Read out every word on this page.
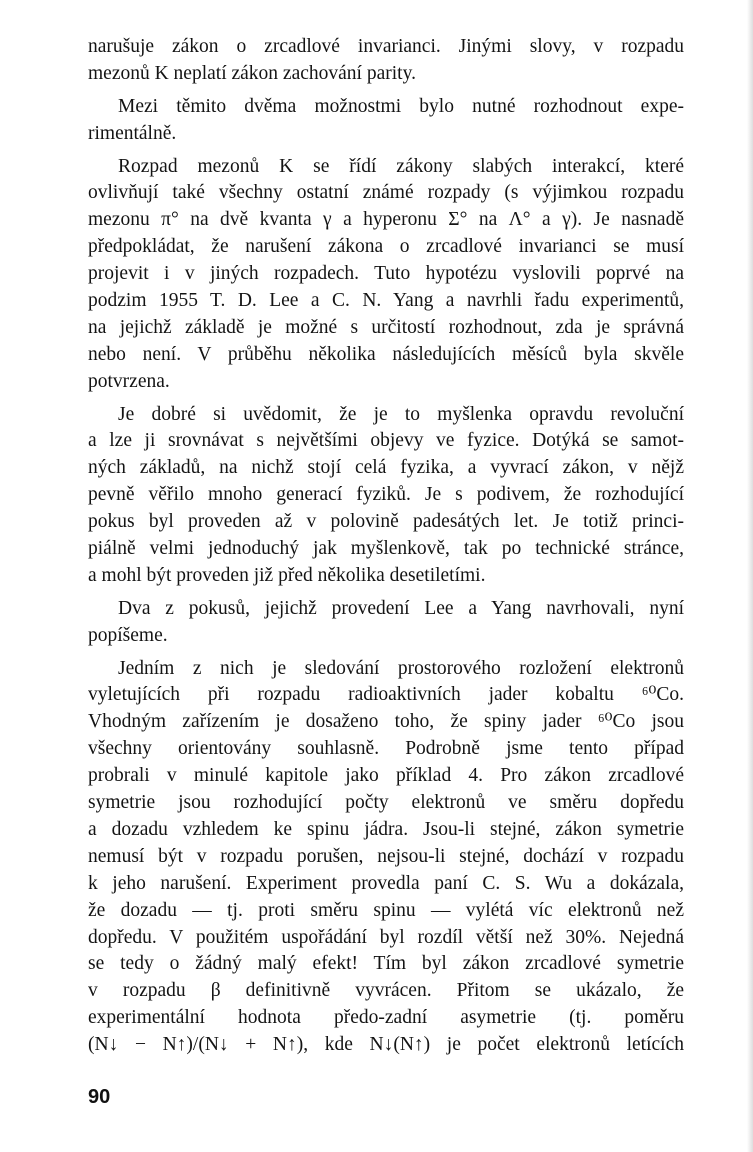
narušuje zákon o zrcadlové invarianci. Jinými slovy, v rozpadu
mezonů K neplatí zákon zachování parity.
Mezi těmito dvěma možnostmi bylo nutné rozhodnout expe-
rimentálně.
Rozpad mezonů K se řídí zákony slabých interakcí, které
ovlivňují také všechny ostatní známé rozpady (s výjimkou rozpadu
mezonu π° na dvě kvanta γ a hyperonu Σ° na Λ° a γ). Je nasnadě
předpokládat, že narušení zákona o zrcadlové invarianci se musí
projevit i v jiných rozpadech. Tuto hypotézu vyslovili poprvé na
podzim 1955 T. D. Lee a C. N. Yang a navrhli řadu experimentů,
na jejichž základě je možné s určitostí rozhodnout, zda je správná
nebo není. V průběhu několika následujících měsíců byla skvěle
potvrzena.
Je dobré si uvědomit, že je to myšlenka opravdu revoluční
a lze ji srovnávat s největšími objevy ve fyzice. Dotýká se samot-
ných základů, na nichž stojí celá fyzika, a vyvrací zákon, v nějž
pevně věřilo mnoho generací fyziků. Je s podivem, že rozhodující
pokus byl proveden až v polovině padesátých let. Je totiž princi-
piálně velmi jednoduchý jak myšlenkově, tak po technické stránce,
a mohl být proveden již před několika desetiletími.
Dva z pokusů, jejichž provedení Lee a Yang navrhovali, nyní
popíšeme.
Jedním z nich je sledování prostorového rozložení elektronů
vyletujících při rozpadu radioaktivních jader kobaltu ⁶⁰Co.
Vhodným zařízením je dosaženo toho, že spiny jader ⁶⁰Co jsou
všechny orientovány souhlasně. Podrobně jsme tento případ
probrali v minulé kapitole jako příklad 4. Pro zákon zrcadlové
symetrie jsou rozhodující počty elektronů ve směru dopředu
a dozadu vzhledem ke spinu jádra. Jsou-li stejné, zákon symetrie
nemusí být v rozpadu porušen, nejsou-li stejné, dochází v rozpadu
k jeho narušení. Experiment provedla paní C. S. Wu a dokázala,
že dozadu — tj. proti směru spinu — vylétá víc elektronů než
dopředu. V použitém uspořádání byl rozdíl větší než 30%. Nejedná
se tedy o žádný malý efekt! Tím byl zákon zrcadlové symetrie
v rozpadu β definitivně vyvrácen. Přitom se ukázalo, že
experimentální hodnota předo-zadní asymetrie (tj. poměru
(N↓ − N↑)/(N↓ + N↑), kde N↓(N↑) je počet elektronů letících
90
